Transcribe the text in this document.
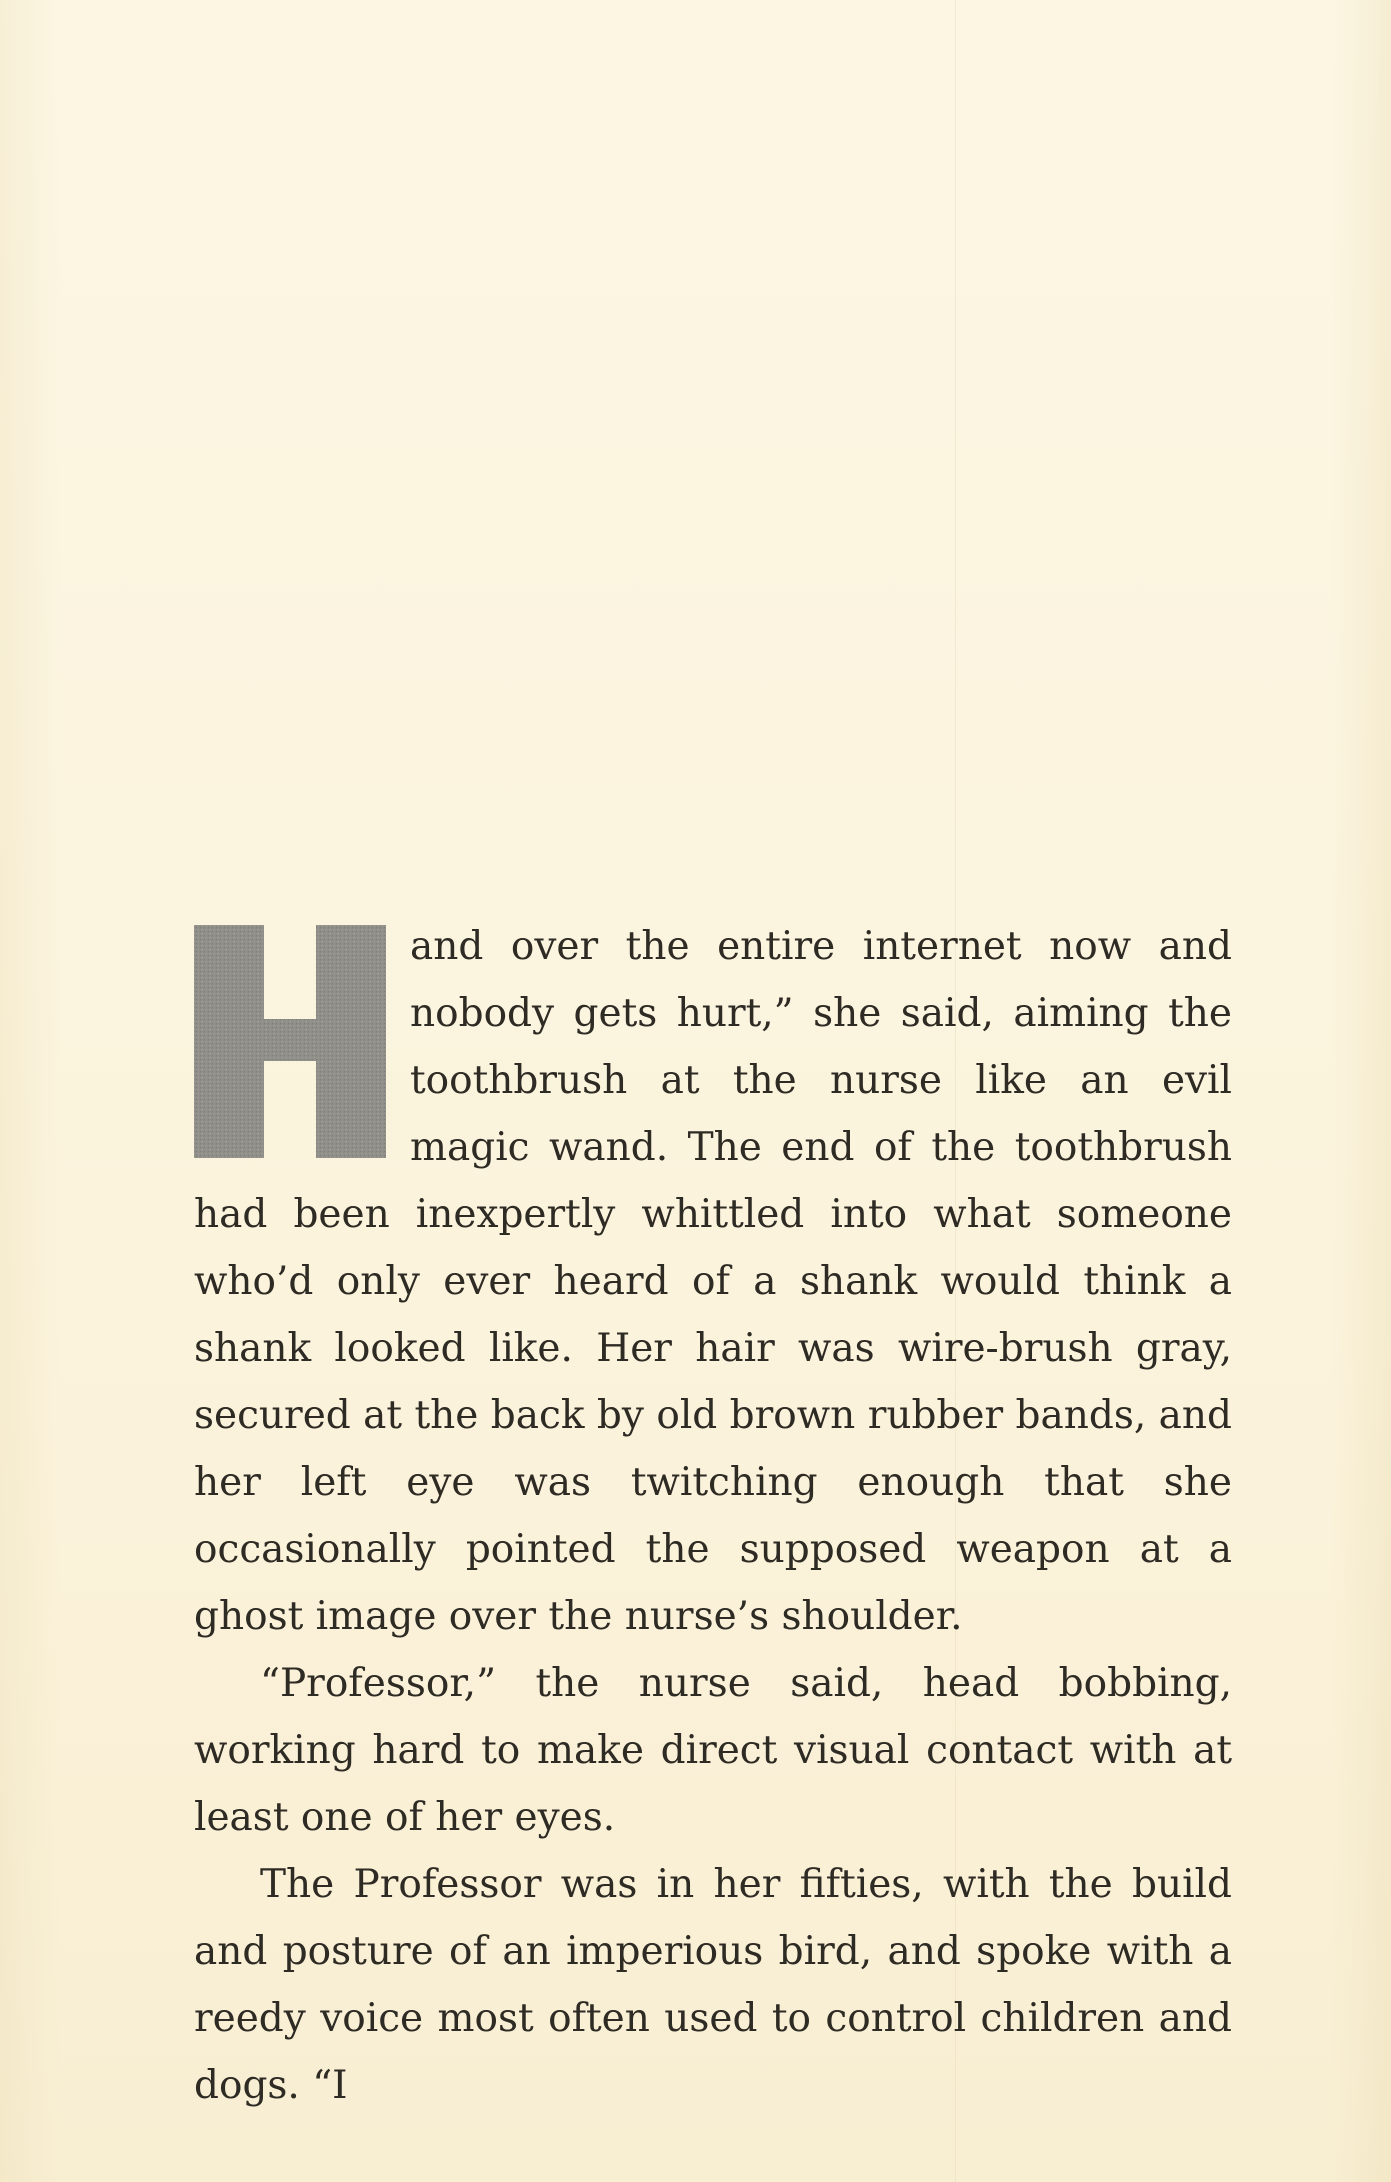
and over the entire internet now and nobody gets hurt,” she said, aiming the toothbrush at the nurse like an evil magic wand. The end of the toothbrush had been inexpertly whittled into what someone who’d only ever heard of a shank would think a shank looked like. Her hair was wire-brush gray, secured at the back by old brown rubber bands, and her left eye was twitching enough that she occasionally pointed the supposed weapon at a ghost image over the nurse’s shoulder.

“Professor,” the nurse said, head bobbing, working hard to make direct visual contact with at least one of her eyes.

The Professor was in her fifties, with the build and posture of an imperious bird, and spoke with a reedy voice most often used to control children and dogs. “I
